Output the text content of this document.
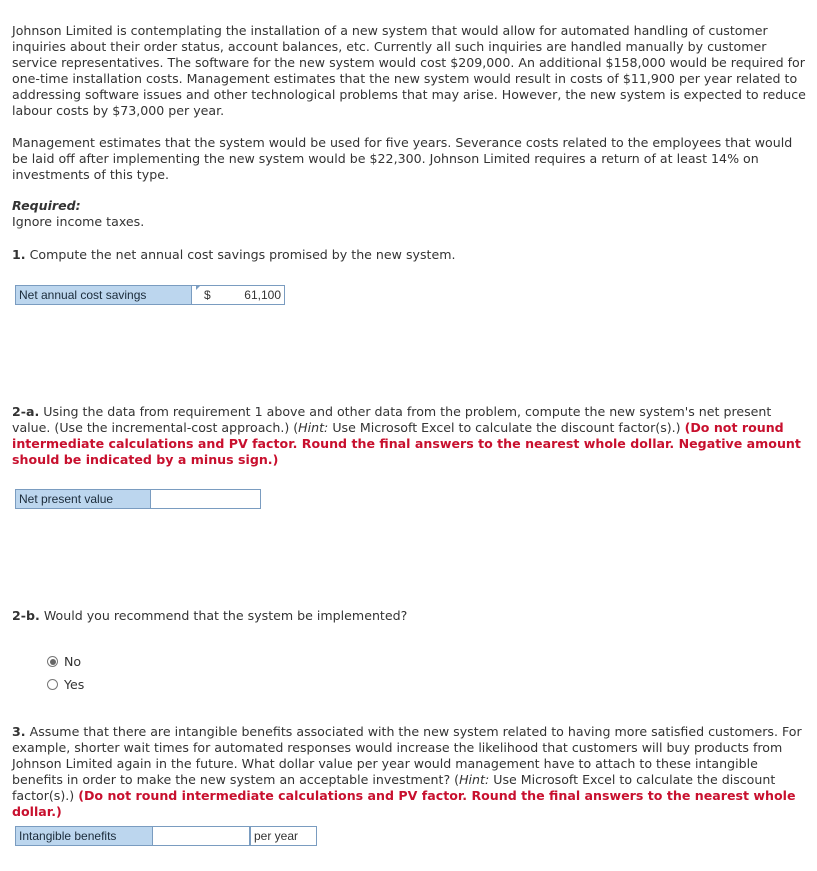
Johnson Limited is contemplating the installation of a new system that would allow for automated handling of customer inquiries about their order status, account balances, etc. Currently all such inquiries are handled manually by customer service representatives. The software for the new system would cost $209,000. An additional $158,000 would be required for one-time installation costs. Management estimates that the new system would result in costs of $11,900 per year related to addressing software issues and other technological problems that may arise. However, the new system is expected to reduce labour costs by $73,000 per year.
Management estimates that the system would be used for five years. Severance costs related to the employees that would be laid off after implementing the new system would be $22,300. Johnson Limited requires a return of at least 14% on investments of this type.
Required:
Ignore income taxes.
1. Compute the net annual cost savings promised by the new system.
Net annual cost savings	$	61,100
2-a. Using the data from requirement 1 above and other data from the problem, compute the new system's net present value. (Use the incremental-cost approach.) (Hint: Use Microsoft Excel to calculate the discount factor(s).) (Do not round intermediate calculations and PV factor. Round the final answers to the nearest whole dollar. Negative amount should be indicated by a minus sign.)
Net present value
2-b. Would you recommend that the system be implemented?
No
Yes
3. Assume that there are intangible benefits associated with the new system related to having more satisfied customers. For example, shorter wait times for automated responses would increase the likelihood that customers will buy products from Johnson Limited again in the future. What dollar value per year would management have to attach to these intangible benefits in order to make the new system an acceptable investment? (Hint: Use Microsoft Excel to calculate the discount factor(s).) (Do not round intermediate calculations and PV factor. Round the final answers to the nearest whole dollar.)
Intangible benefits	per year
